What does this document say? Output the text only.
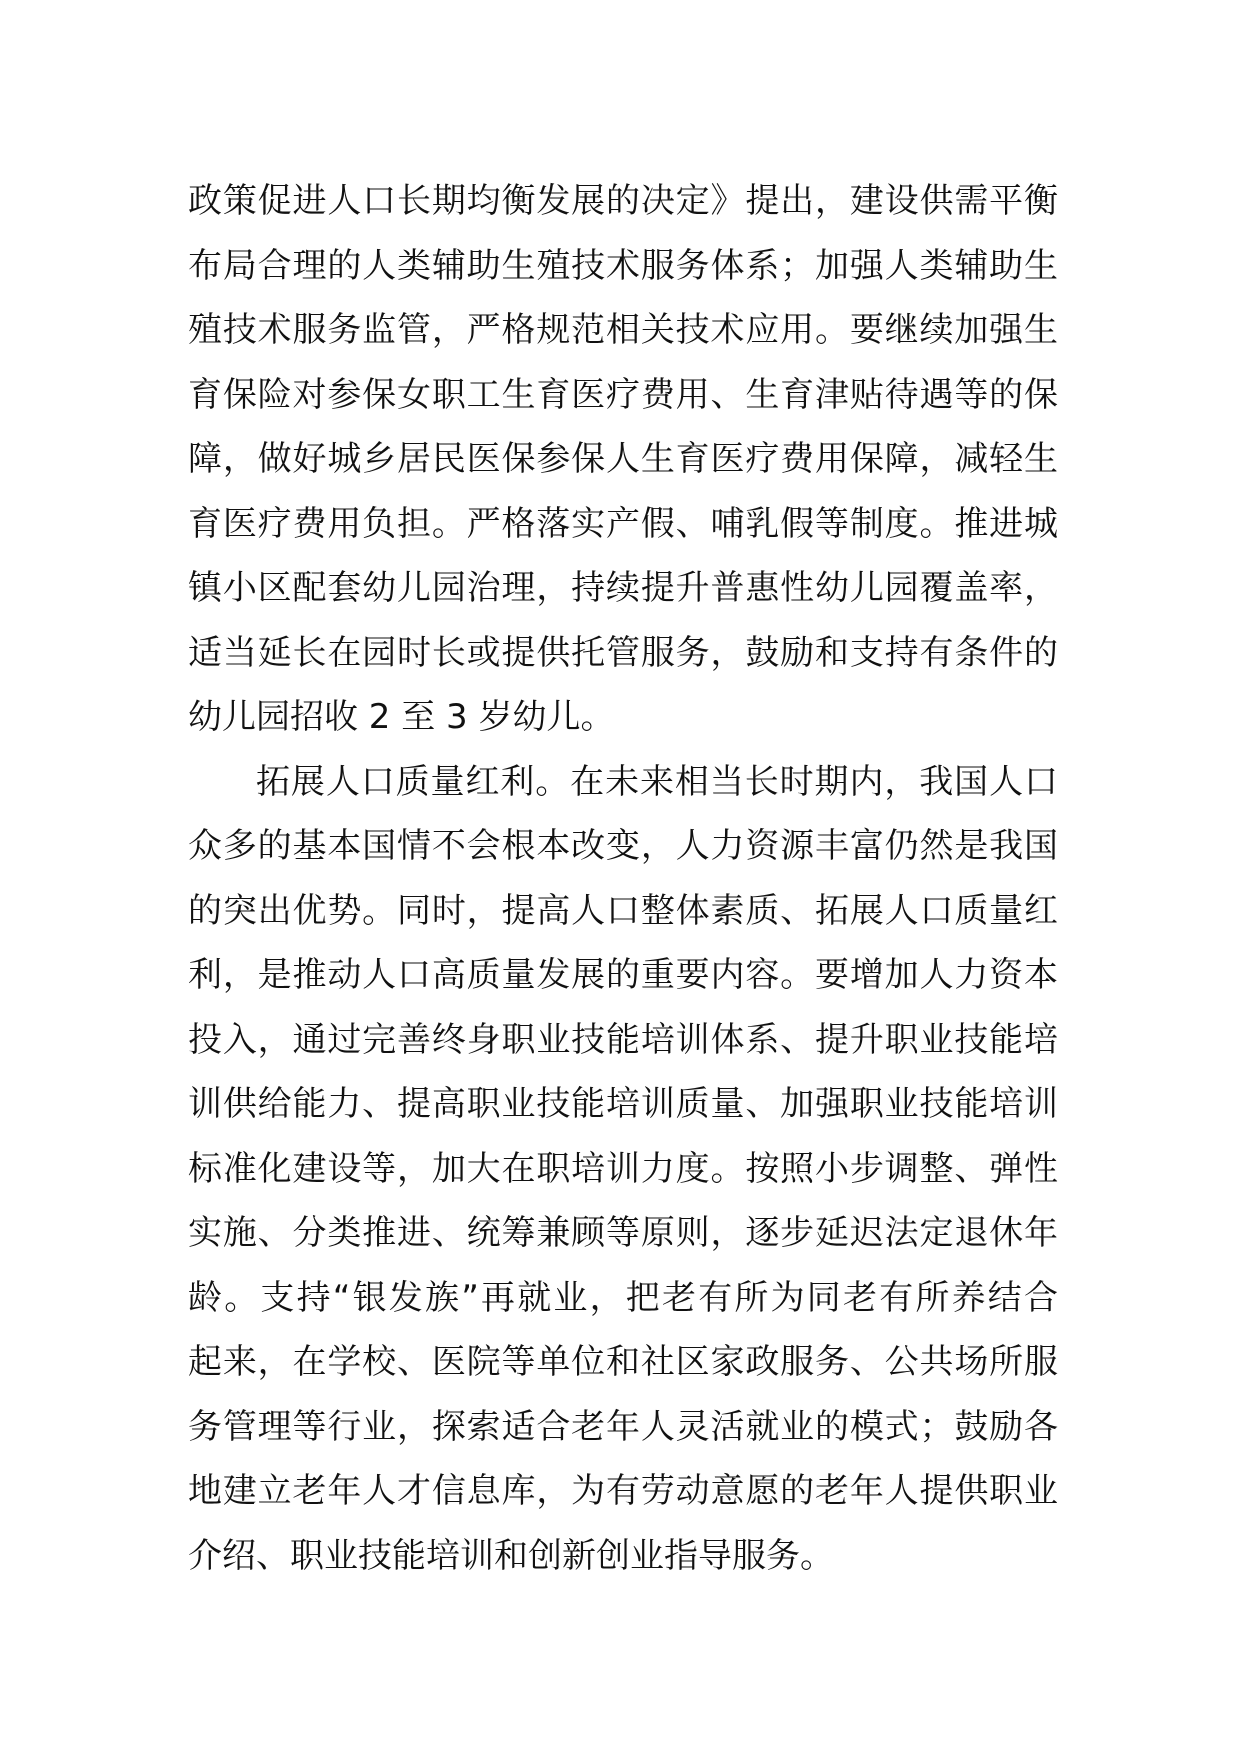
政策促进人口长期均衡发展的决定》提出，建设供需平衡
布局合理的人类辅助生殖技术服务体系；加强人类辅助生
殖技术服务监管，严格规范相关技术应用。要继续加强生
育保险对参保女职工生育医疗费用、生育津贴待遇等的保
障，做好城乡居民医保参保人生育医疗费用保障，减轻生
育医疗费用负担。严格落实产假、哺乳假等制度。推进城
镇小区配套幼儿园治理，持续提升普惠性幼儿园覆盖率，
适当延长在园时长或提供托管服务，鼓励和支持有条件的
幼儿园招收 2 至 3 岁幼儿。
拓展人口质量红利。在未来相当长时期内，我国人口
众多的基本国情不会根本改变，人力资源丰富仍然是我国
的突出优势。同时，提高人口整体素质、拓展人口质量红
利，是推动人口高质量发展的重要内容。要增加人力资本
投入，通过完善终身职业技能培训体系、提升职业技能培
训供给能力、提高职业技能培训质量、加强职业技能培训
标准化建设等，加大在职培训力度。按照小步调整、弹性
实施、分类推进、统筹兼顾等原则，逐步延迟法定退休年
龄。支持“银发族”再就业，把老有所为同老有所养结合
起来，在学校、医院等单位和社区家政服务、公共场所服
务管理等行业，探索适合老年人灵活就业的模式；鼓励各
地建立老年人才信息库，为有劳动意愿的老年人提供职业
介绍、职业技能培训和创新创业指导服务。
